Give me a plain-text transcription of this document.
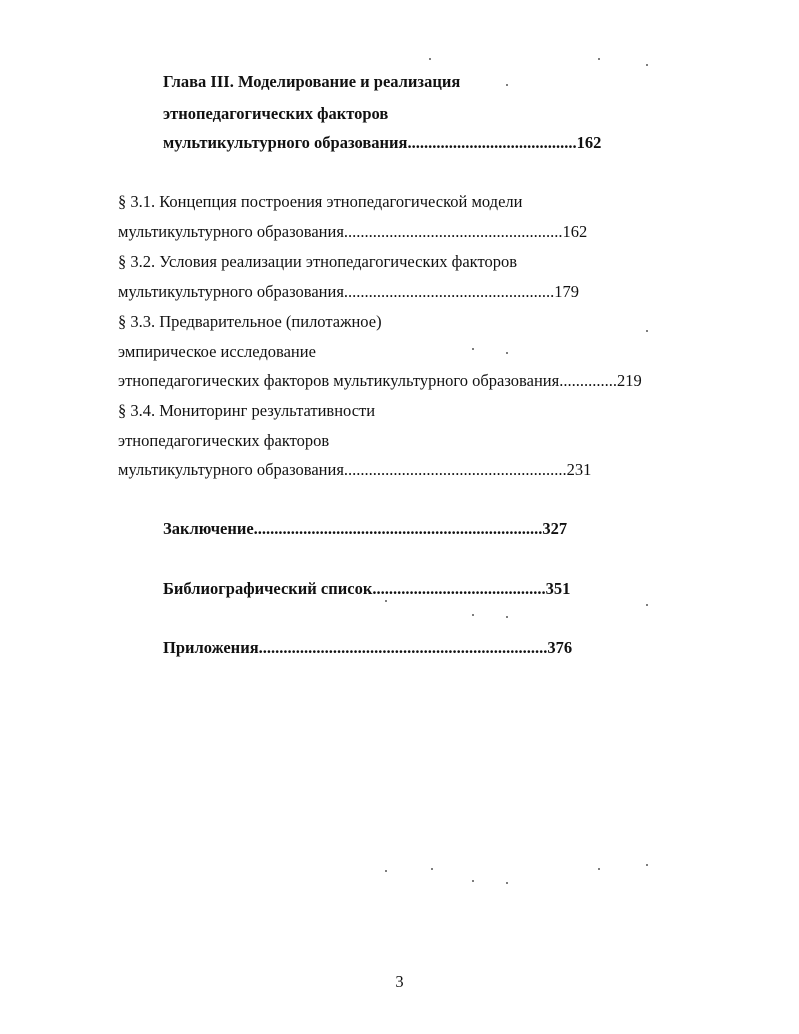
Глава III. Моделирование и реализация
этнопедагогических факторов
мультикультурного образования.........................................162
§ 3.1. Концепция построения этнопедагогической модели
мультикультурного образования.....................................................162
§ 3.2. Условия реализации этнопедагогических факторов
мультикультурного образования...................................................179
§ 3.3. Предварительное (пилотажное)
эмпирическое исследование
этнопедагогических факторов мультикультурного образования..............219
§ 3.4. Мониторинг результативности
этнопедагогических факторов
мультикультурного образования......................................................231
Заключение......................................................................327
Библиографический список..........................................351
Приложения......................................................................376
3
